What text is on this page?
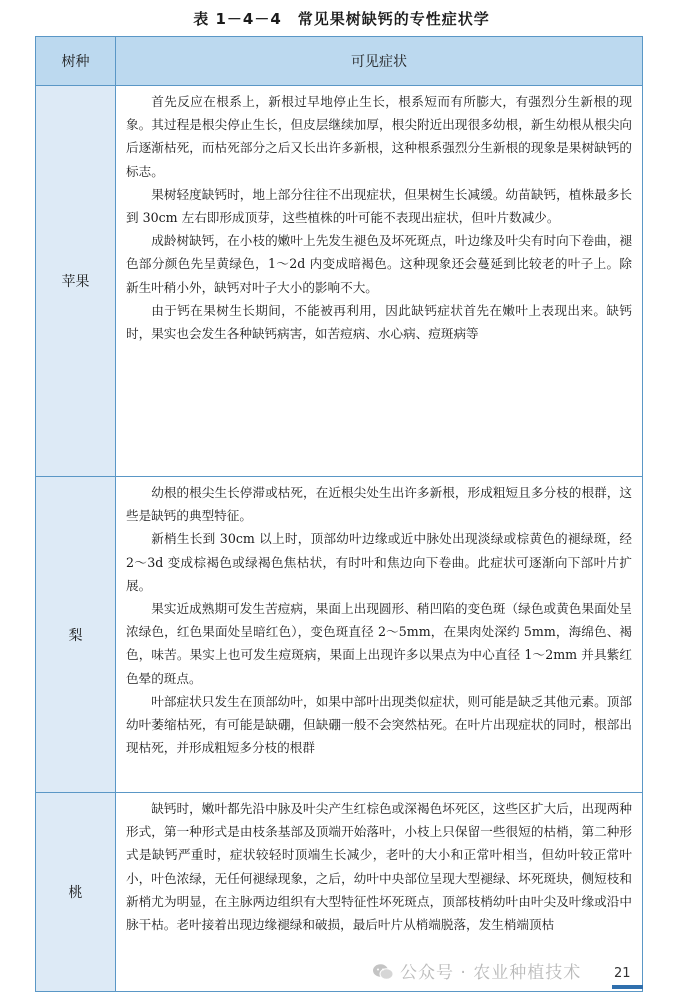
表 1－4－4　常见果树缺钙的专性症状学
树种	可见症状
苹果	首先反应在根系上，新根过早地停止生长，根系短而有所膨大，有强烈分生新根的现象。其过程是根尖停止生长，但皮层继续加厚，根尖附近出现很多幼根，新生幼根从根尖向后逐渐枯死，而枯死部分之后又长出许多新根，这种根系强烈分生新根的现象是果树缺钙的标志。

果树轻度缺钙时，地上部分往往不出现症状，但果树生长减缓。幼苗缺钙，植株最多长到 30cm 左右即形成顶芽，这些植株的叶可能不表现出症状，但叶片数减少。

成龄树缺钙，在小枝的嫩叶上先发生褪色及坏死斑点，叶边缘及叶尖有时向下卷曲，褪色部分颜色先呈黄绿色，1～2d 内变成暗褐色。这种现象还会蔓延到比较老的叶子上。除新生叶稍小外，缺钙对叶子大小的影响不大。

由于钙在果树生长期间，不能被再利用，因此缺钙症状首先在嫩叶上表现出来。缺钙时，果实也会发生各种缺钙病害，如苦痘病、水心病、痘斑病等

梨	幼根的根尖生长停滞或枯死，在近根尖处生出许多新根，形成粗短且多分枝的根群，这些是缺钙的典型特征。

新梢生长到 30cm 以上时，顶部幼叶边缘或近中脉处出现淡绿或棕黄色的褪绿斑，经 2～3d 变成棕褐色或绿褐色焦枯状，有时叶和焦边向下卷曲。此症状可逐渐向下部叶片扩展。

果实近成熟期可发生苦痘病，果面上出现圆形、稍凹陷的变色斑（绿色或黄色果面处呈浓绿色，红色果面处呈暗红色），变色斑直径 2～5mm，在果肉处深约 5mm，海绵色、褐色，味苦。果实上也可发生痘斑病，果面上出现许多以果点为中心直径 1～2mm 并具紫红色晕的斑点。

叶部症状只发生在顶部幼叶，如果中部叶出现类似症状，则可能是缺乏其他元素。顶部幼叶萎缩枯死，有可能是缺硼，但缺硼一般不会突然枯死。在叶片出现症状的同时，根部出现枯死，并形成粗短多分枝的根群

桃	缺钙时，嫩叶都先沿中脉及叶尖产生红棕色或深褐色坏死区，这些区扩大后，出现两种形式，第一种形式是由枝条基部及顶端开始落叶，小枝上只保留一些很短的枯梢，第二种形式是缺钙严重时，症状较轻时顶端生长减少，老叶的大小和正常叶相当，但幼叶较正常叶小，叶色浓绿，无任何褪绿现象，之后，幼叶中央部位呈现大型褪绿、坏死斑块，侧短枝和新梢尤为明显，在主脉两边组织有大型特征性坏死斑点，顶部枝梢幼叶由叶尖及叶缘或沿中脉干枯。老叶接着出现边缘褪绿和破损，最后叶片从梢端脱落，发生梢端顶枯

公众号 · 农业种植技术	21
